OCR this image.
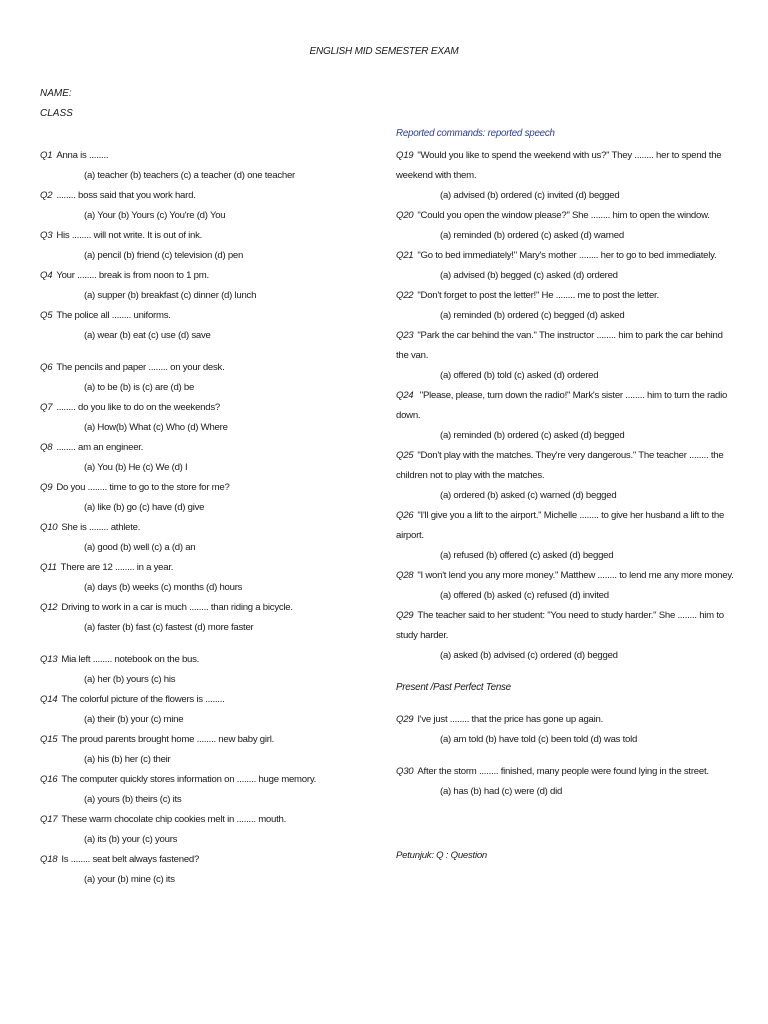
ENGLISH MID SEMESTER EXAM
NAME:
CLASS

Q1 Anna is ........

(a) teacher (b) teachers (c) a teacher (d) one teacher

Q2 ........ boss said that you work hard.

(a) Your (b) Yours (c) You're (d) You

Q3 His ........ will not write. It is out of ink.

(a) pencil (b) friend (c) television (d) pen

Q4 Your ........ break is from noon to 1 pm.

(a) supper (b) breakfast (c) dinner (d) lunch

Q5 The police all ........ uniforms.

(a) wear (b) eat (c) use (d) save

Q6 The pencils and paper ........ on your desk.

(a) to be (b) is (c) are (d) be

Q7 ........ do you like to do on the weekends?

(a) How(b) What (c) Who (d) Where

Q8 ........ am an engineer.

(a) You (b) He (c) We (d) I

Q9 Do you ........ time to go to the store for me?

(a) like (b) go (c) have (d) give

Q10 She is ........ athlete.

(a) good (b) well (c) a (d) an

Q11 There are 12 ........ in a year.

(a) days (b) weeks (c) months (d) hours

Q12 Driving to work in a car is much ........ than riding a bicycle.

(a) faster (b) fast (c) fastest (d) more faster

Q13 Mia left ........ notebook on the bus.

(a) her (b) yours (c) his

Q14 The colorful picture of the flowers is ........

(a) their (b) your (c) mine

Q15 The proud parents brought home ........ new baby girl.

(a) his (b) her (c) their

Q16 The computer quickly stores information on ........ huge memory.

(a) yours (b) theirs (c) its

Q17 These warm chocolate chip cookies melt in ........ mouth.

(a) its (b) your (c) yours

Q18 Is ........ seat belt always fastened?

(a) your (b) mine (c) its

Reported commands: reported speech

Q19 "Would you like to spend the weekend with us?" They ........ her to spend the weekend with them.

(a) advised (b) ordered (c) invited (d) begged

Q20 "Could you open the window please?" She ........ him to open the window.

(a) reminded (b) ordered (c) asked (d) warned

Q21 "Go to bed immediately!" Mary's mother ........ her to go to bed immediately.

(a) advised (b) begged (c) asked (d) ordered

Q22 "Don't forget to post the letter!" He ........ me to post the letter.

(a) reminded (b) ordered (c) begged (d) asked

Q23 "Park the car behind the van." The instructor ........ him to park the car behind the van.

(a) offered (b) told (c) asked (d) ordered

Q24 "Please, please, turn down the radio!" Mark's sister ........ him to turn the radio down.

(a) reminded (b) ordered (c) asked (d) begged

Q25 "Don't play with the matches. They're very dangerous." The teacher ........ the children not to play with the matches.

(a) ordered (b) asked (c) warned (d) begged

Q26 "I'll give you a lift to the airport." Michelle ........ to give her husband a lift to the airport.

(a) refused (b) offered (c) asked (d) begged

Q28 "I won't lend you any more money." Matthew ........ to lend me any more money.

(a) offered (b) asked (c) refused (d) invited

Q29 The teacher said to her student: "You need to study harder." She ........ him to study harder.

(a) asked (b) advised (c) ordered (d) begged

Present /Past Perfect Tense

Q29 I've just ........ that the price has gone up again.

(a) am told (b) have told (c) been told (d) was told

Q30 After the storm ........ finished, many people were found lying in the street.

(a) has (b) had (c) were (d) did

Petunjuk: Q : Question
